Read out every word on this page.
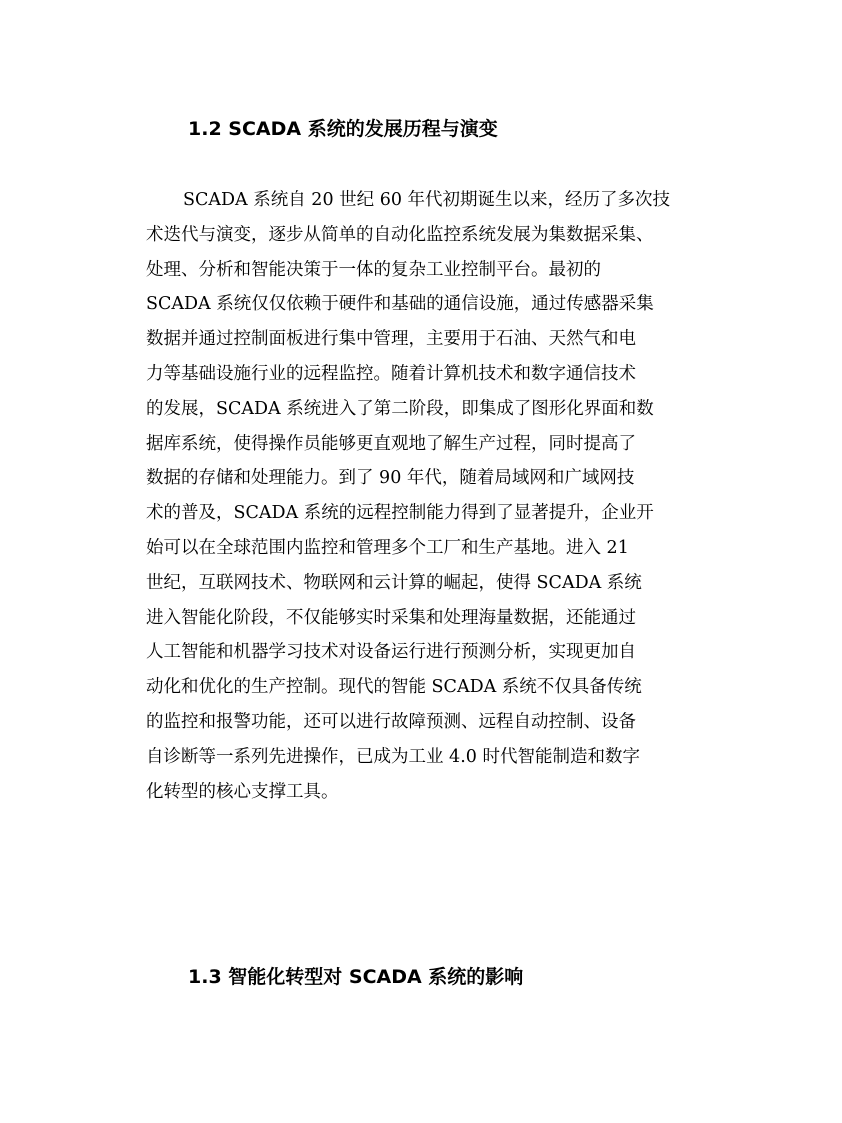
1.2 SCADA 系统的发展历程与演变
SCADA 系统自 20 世纪 60 年代初期诞生以来，经历了多次技
术迭代与演变，逐步从简单的自动化监控系统发展为集数据采集、
处理、分析和智能决策于一体的复杂工业控制平台。最初的
SCADA 系统仅仅依赖于硬件和基础的通信设施，通过传感器采集
数据并通过控制面板进行集中管理，主要用于石油、天然气和电
力等基础设施行业的远程监控。随着计算机技术和数字通信技术
的发展，SCADA 系统进入了第二阶段，即集成了图形化界面和数
据库系统，使得操作员能够更直观地了解生产过程，同时提高了
数据的存储和处理能力。到了 90 年代，随着局域网和广域网技
术的普及，SCADA 系统的远程控制能力得到了显著提升，企业开
始可以在全球范围内监控和管理多个工厂和生产基地。进入 21
世纪，互联网技术、物联网和云计算的崛起，使得 SCADA 系统
进入智能化阶段，不仅能够实时采集和处理海量数据，还能通过
人工智能和机器学习技术对设备运行进行预测分析，实现更加自
动化和优化的生产控制。现代的智能 SCADA 系统不仅具备传统
的监控和报警功能，还可以进行故障预测、远程自动控制、设备
自诊断等一系列先进操作，已成为工业 4.0 时代智能制造和数字
化转型的核心支撑工具。
1.3 智能化转型对 SCADA 系统的影响
